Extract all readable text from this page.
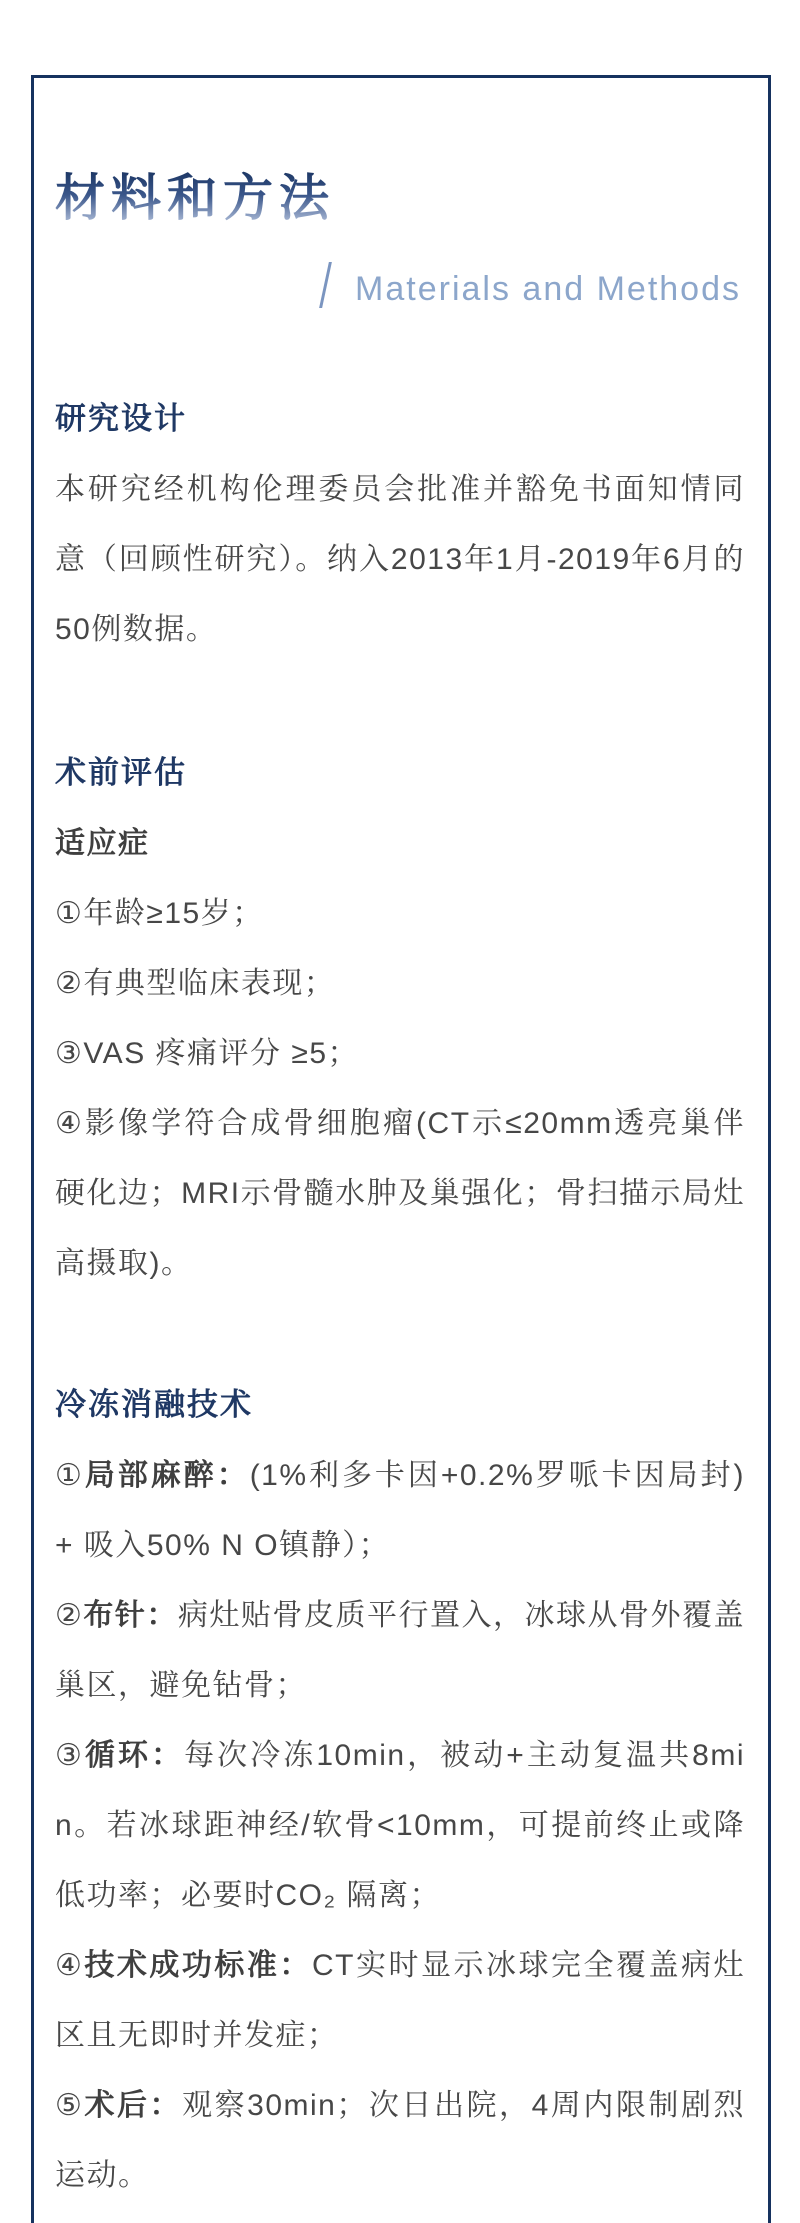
材料和方法
Materials and Methods
研究设计

本研究经机构伦理委员会批准并豁免书面知情同意（回顾性研究）。纳入2013年1月-2019年6月的50例数据。

术前评估

适应症

①年龄≥15岁；

②有典型临床表现；

③VAS 疼痛评分 ≥5；

④影像学符合成骨细胞瘤(CT示≤20mm透亮巢伴硬化边；MRI示骨髓水肿及巢强化；骨扫描示局灶高摄取)。

冷冻消融技术

①局部麻醉：(1%利多卡因+0.2%罗哌卡因局封) + 吸入50% N O镇静）；

②布针：病灶贴骨皮质平行置入，冰球从骨外覆盖巢区，避免钻骨；

③循环：每次冷冻10min，被动+主动复温共8min。若冰球距神经/软骨<10mm，可提前终止或降低功率；必要时CO₂ 隔离；

④技术成功标准：CT实时显示冰球完全覆盖病灶区且无即时并发症；

⑤术后：观察30min；次日出院，4周内限制剧烈运动。
